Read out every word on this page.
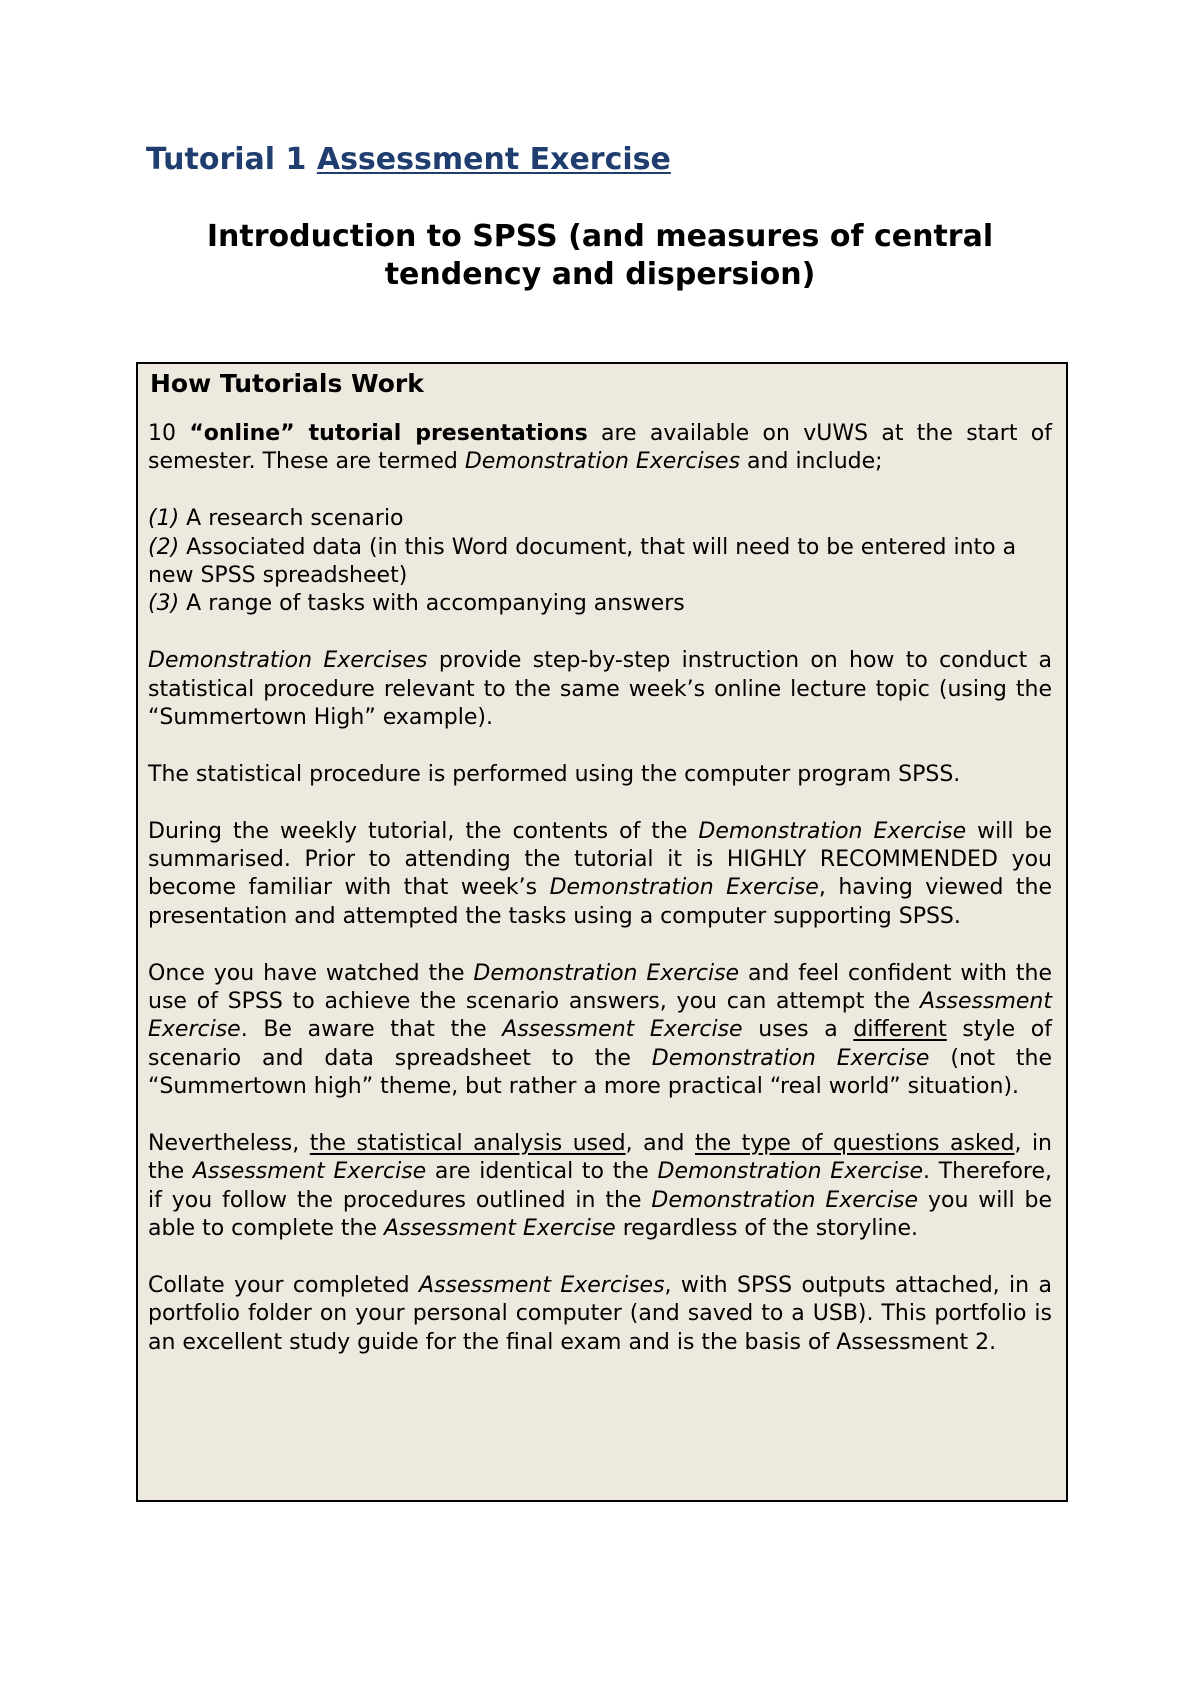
Tutorial 1 Assessment Exercise
Introduction to SPSS (and measures of central tendency and dispersion)
How Tutorials Work

10 “online” tutorial presentations are available on vUWS at the start of semester. These are termed Demonstration Exercises and include;

(1) A research scenario
(2) Associated data (in this Word document, that will need to be entered into a new SPSS spreadsheet)
(3) A range of tasks with accompanying answers

Demonstration Exercises provide step-by-step instruction on how to conduct a statistical procedure relevant to the same week’s online lecture topic (using the “Summertown High” example).

The statistical procedure is performed using the computer program SPSS.

During the weekly tutorial, the contents of the Demonstration Exercise will be summarised. Prior to attending the tutorial it is HIGHLY RECOMMENDED you become familiar with that week’s Demonstration Exercise, having viewed the presentation and attempted the tasks using a computer supporting SPSS.

Once you have watched the Demonstration Exercise and feel confident with the use of SPSS to achieve the scenario answers, you can attempt the Assessment Exercise. Be aware that the Assessment Exercise uses a different style of scenario and data spreadsheet to the Demonstration Exercise (not the “Summertown high” theme, but rather a more practical “real world” situation).

Nevertheless, the statistical analysis used, and the type of questions asked, in the Assessment Exercise are identical to the Demonstration Exercise. Therefore, if you follow the procedures outlined in the Demonstration Exercise you will be able to complete the Assessment Exercise regardless of the storyline.

Collate your completed Assessment Exercises, with SPSS outputs attached, in a portfolio folder on your personal computer (and saved to a USB). This portfolio is an excellent study guide for the final exam and is the basis of Assessment 2.
